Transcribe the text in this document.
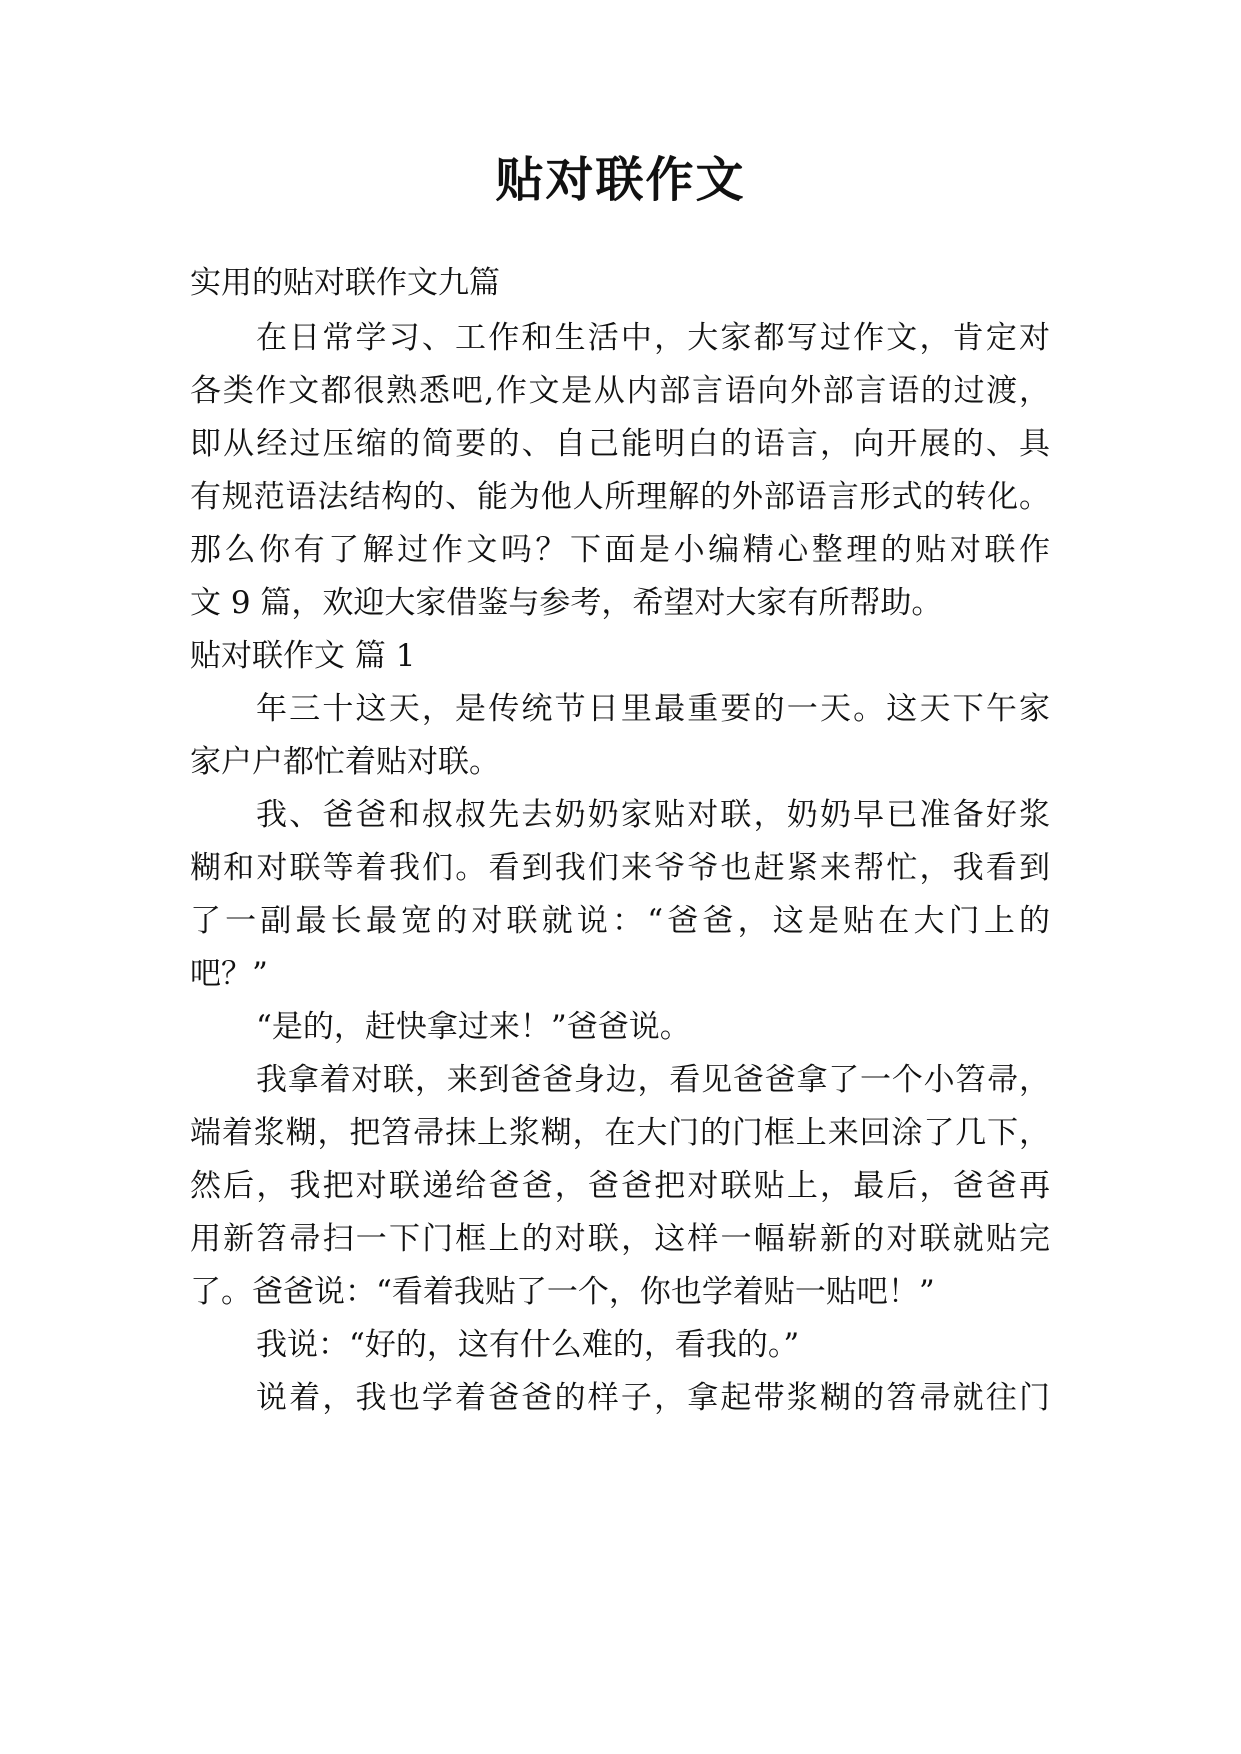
贴对联作文
实用的贴对联作文九篇
在日常学习、工作和生活中，大家都写过作文，肯定对
各类作文都很熟悉吧,作文是从内部言语向外部言语的过渡，
即从经过压缩的简要的、自己能明白的语言，向开展的、具
有规范语法结构的、能为他人所理解的外部语言形式的转化。
那么你有了解过作文吗？下面是小编精心整理的贴对联作
文 9 篇，欢迎大家借鉴与参考，希望对大家有所帮助。
贴对联作文 篇 1
年三十这天，是传统节日里最重要的一天。这天下午家
家户户都忙着贴对联。
我、爸爸和叔叔先去奶奶家贴对联，奶奶早已准备好浆
糊和对联等着我们。看到我们来爷爷也赶紧来帮忙，我看到
了一副最长最宽的对联就说：“爸爸，这是贴在大门上的
吧？”
“是的，赶快拿过来！”爸爸说。
我拿着对联，来到爸爸身边，看见爸爸拿了一个小笤帚，
端着浆糊，把笤帚抹上浆糊，在大门的门框上来回涂了几下，
然后，我把对联递给爸爸，爸爸把对联贴上，最后，爸爸再
用新笤帚扫一下门框上的对联，这样一幅崭新的对联就贴完
了。爸爸说：“看着我贴了一个，你也学着贴一贴吧！”
我说：“好的，这有什么难的，看我的。”
说着，我也学着爸爸的样子，拿起带浆糊的笤帚就往门
